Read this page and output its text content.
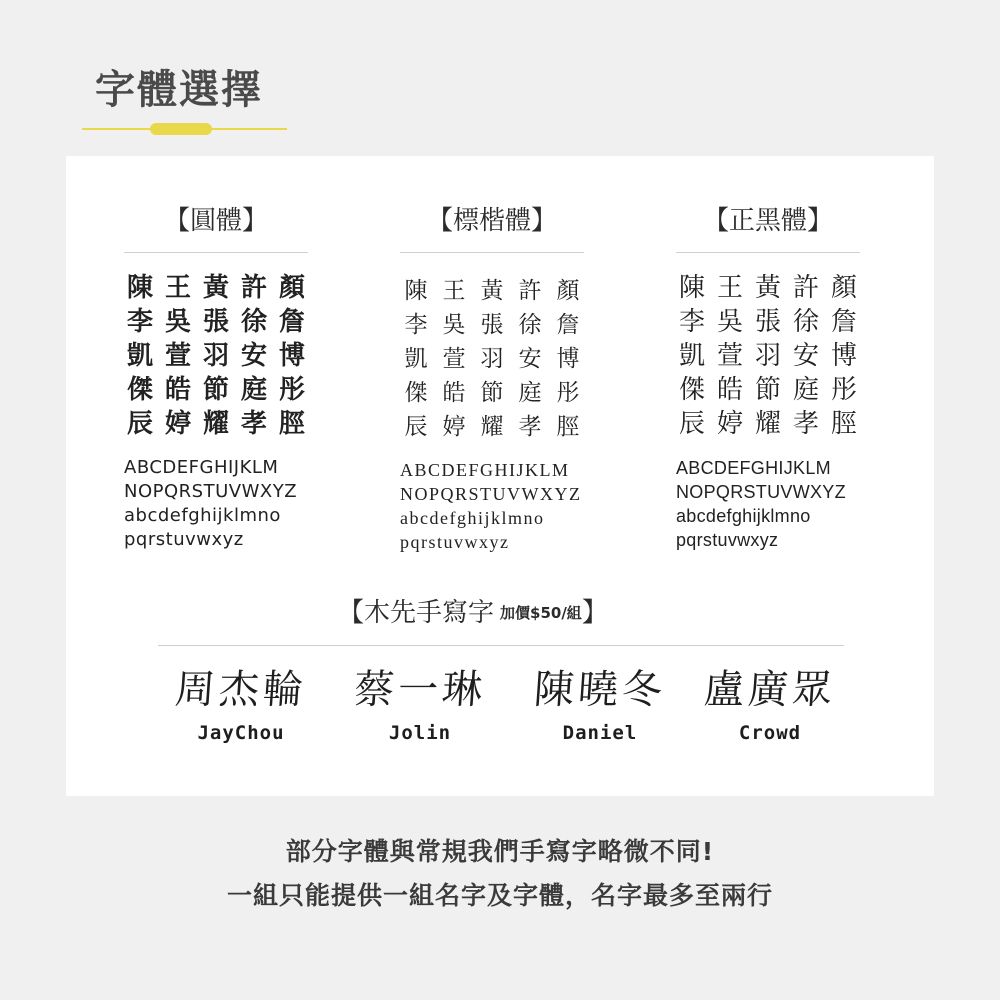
字體選擇
【圓體】
陳 王 黃 許 顏
李 吳 張 徐 詹
凱 萱 羽 安 博
傑 皓 節 庭 彤
辰 婷 耀 孝 脛
ABCDEFGHIJKLM
NOPQRSTUVWXYZ
abcdefghijklmno
pqrstuvwxyz
【標楷體】
陳 王 黃 許 顏
李 吳 張 徐 詹
凱 萱 羽 安 博
傑 皓 節 庭 彤
辰 婷 耀 孝 脛
ABCDEFGHIJKLM
NOPQRSTUVWXYZ
abcdefghijklmno
pqrstuvwxyz
【正黑體】
陳 王 黃 許 顏
李 吳 張 徐 詹
凱 萱 羽 安 博
傑 皓 節 庭 彤
辰 婷 耀 孝 脛
ABCDEFGHIJKLM
NOPQRSTUVWXYZ
abcdefghijklmno
pqrstuvwxyz
【木先手寫字 加價$50/組】
周杰輪
JayChou
蔡一琳
Jolin
陳曉冬
Daniel
盧廣眾
Crowd
部分字體與常規我們手寫字略微不同!
一組只能提供一組名字及字體，名字最多至兩行
